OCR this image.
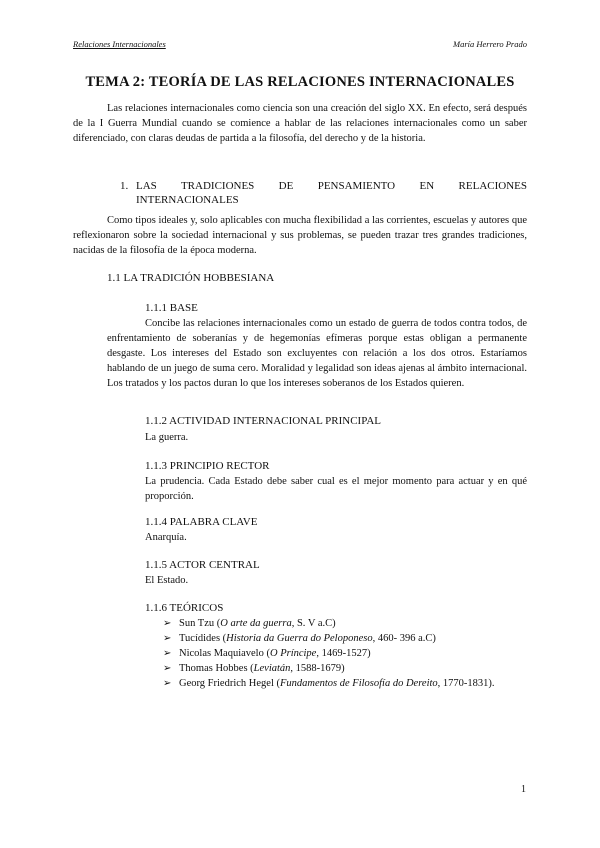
Relaciones Internacionales	María Herrero Prado
TEMA 2: TEORÍA DE LAS RELACIONES INTERNACIONALES
Las relaciones internacionales como ciencia son una creación del siglo XX. En efecto, será después de la I Guerra Mundial cuando se comience a hablar de las relaciones internacionales como un saber diferenciado, con claras deudas de partida a la filosofía, del derecho y de la historia.
1. LAS TRADICIONES DE PENSAMIENTO EN RELACIONES
INTERNACIONALES
Como tipos ideales y, solo aplicables con mucha flexibilidad a las corrientes, escuelas y autores que reflexionaron sobre la sociedad internacional y sus problemas, se pueden trazar tres grandes tradiciones, nacidas de la filosofía de la época moderna.
1.1 LA TRADICIÓN HOBBESIANA
1.1.1 BASE
Concibe las relaciones internacionales como un estado de guerra de todos contra todos, de enfrentamiento de soberanías y de hegemonías efímeras porque estas obligan a permanente desgaste. Los intereses del Estado son excluyentes con relación a los dos otros. Estaríamos hablando de un juego de suma cero. Moralidad y legalidad son ideas ajenas al ámbito internacional. Los tratados y los pactos duran lo que los intereses soberanos de los Estados quieren.
1.1.2 ACTIVIDAD INTERNACIONAL PRINCIPAL
La guerra.
1.1.3 PRINCIPIO RECTOR
La prudencia. Cada Estado debe saber cual es el mejor momento para actuar y en qué proporción.
1.1.4 PALABRA CLAVE
Anarquía.
1.1.5 ACTOR CENTRAL
El Estado.
1.1.6 TEÓRICOS
➢ Sun Tzu (O arte da guerra, S. V a.C)
➢ Tucídides (Historia da Guerra do Peloponeso, 460- 396 a.C)
➢ Nicolas Maquiavelo (O Príncipe, 1469-1527)
➢ Thomas Hobbes (Leviatán, 1588-1679)
➢ Georg Friedrich Hegel (Fundamentos de Filosofía do Dereito, 1770-1831).
1
